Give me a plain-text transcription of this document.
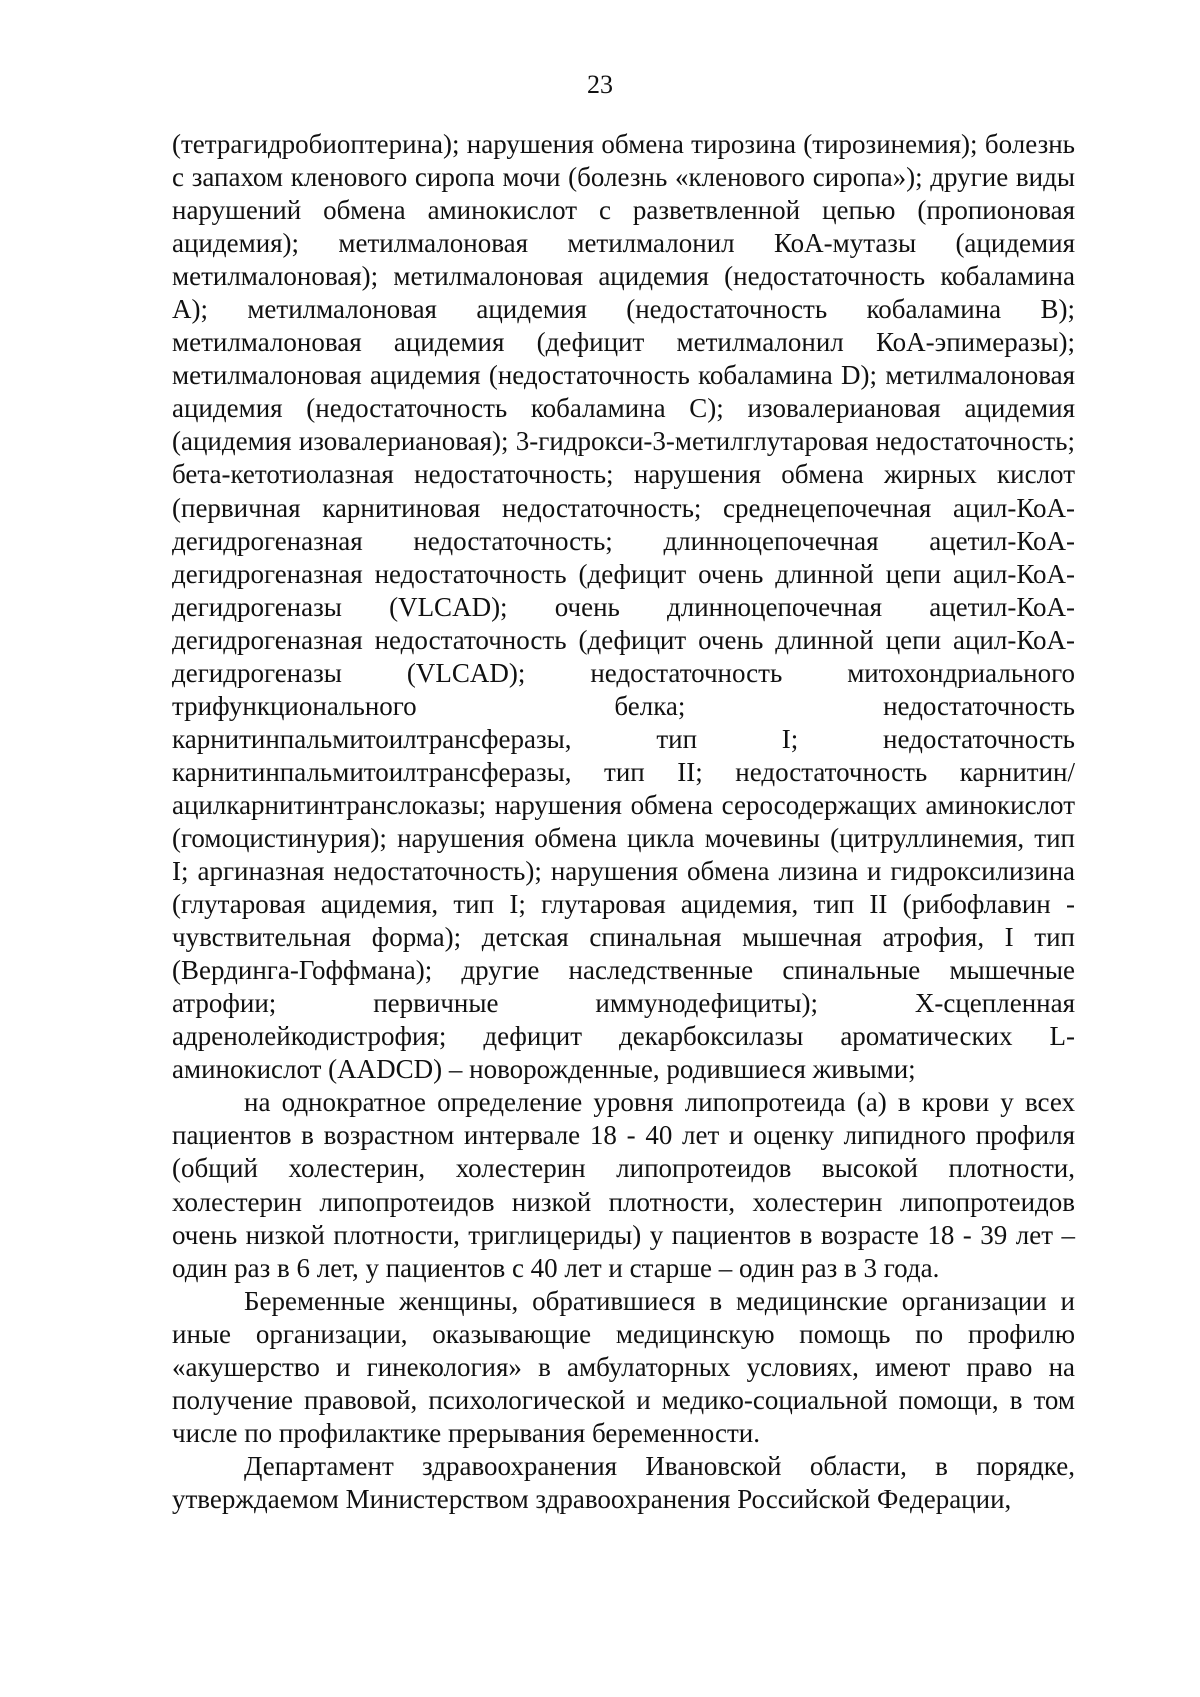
23

(тетрагидробиоптерина); нарушения обмена тирозина (тирозинемия); болезнь с запахом кленового сиропа мочи (болезнь «кленового сиропа»); другие виды нарушений обмена аминокислот с разветвленной цепью (пропионовая ацидемия); метилмалоновая метилмалонил КоА-мутазы (ацидемия метилмалоновая); метилмалоновая ацидемия (недостаточность кобаламина A); метилмалоновая ацидемия (недостаточность кобаламина B); метилмалоновая ацидемия (дефицит метилмалонил КоА-эпимеразы); метилмалоновая ацидемия (недостаточность кобаламина D); метилмалоновая ацидемия (недостаточность кобаламина C); изовалериановая ацидемия (ацидемия изовалериановая); 3-гидрокси-3-метилглутаровая недостаточность; бета-кетотиолазная недостаточность; нарушения обмена жирных кислот (первичная карнитиновая недостаточность; среднецепочечная ацил-КоА-дегидрогеназная недостаточность; длинноцепочечная ацетил-КоА-дегидрогеназная недостаточность (дефицит очень длинной цепи ацил-КоА-дегидрогеназы (VLCAD); очень длинноцепочечная ацетил-КоА-дегидрогеназная недостаточность (дефицит очень длинной цепи ацил-КоА-дегидрогеназы (VLCAD); недостаточность митохондриального трифункционального белка; недостаточность карнитинпальмитоилтрансферазы, тип I; недостаточность карнитинпальмитоилтрансферазы, тип II; недостаточность карнитин/ацилкарнитинтранслоказы; нарушения обмена серосодержащих аминокислот (гомоцистинурия); нарушения обмена цикла мочевины (цитруллинемия, тип I; аргиназная недостаточность); нарушения обмена лизина и гидроксилизина (глутаровая ацидемия, тип I; глутаровая ацидемия, тип II (рибофлавин - чувствительная форма); детская спинальная мышечная атрофия, I тип (Вердинга-Гоффмана); другие наследственные спинальные мышечные атрофии; первичные иммунодефициты); X-сцепленная адренолейкодистрофия; дефицит декарбоксилазы ароматических L-аминокислот (AADCD) – новорожденные, родившиеся живыми;

на однократное определение уровня липопротеида (а) в крови у всех пациентов в возрастном интервале 18 - 40 лет и оценку липидного профиля (общий холестерин, холестерин липопротеидов высокой плотности, холестерин липопротеидов низкой плотности, холестерин липопротеидов очень низкой плотности, триглицериды) у пациентов в возрасте 18 - 39 лет – один раз в 6 лет, у пациентов с 40 лет и старше – один раз в 3 года.

Беременные женщины, обратившиеся в медицинские организации и иные организации, оказывающие медицинскую помощь по профилю «акушерство и гинекология» в амбулаторных условиях, имеют право на получение правовой, психологической и медико-социальной помощи, в том числе по профилактике прерывания беременности.

Департамент здравоохранения Ивановской области, в порядке, утверждаемом Министерством здравоохранения Российской Федерации,
